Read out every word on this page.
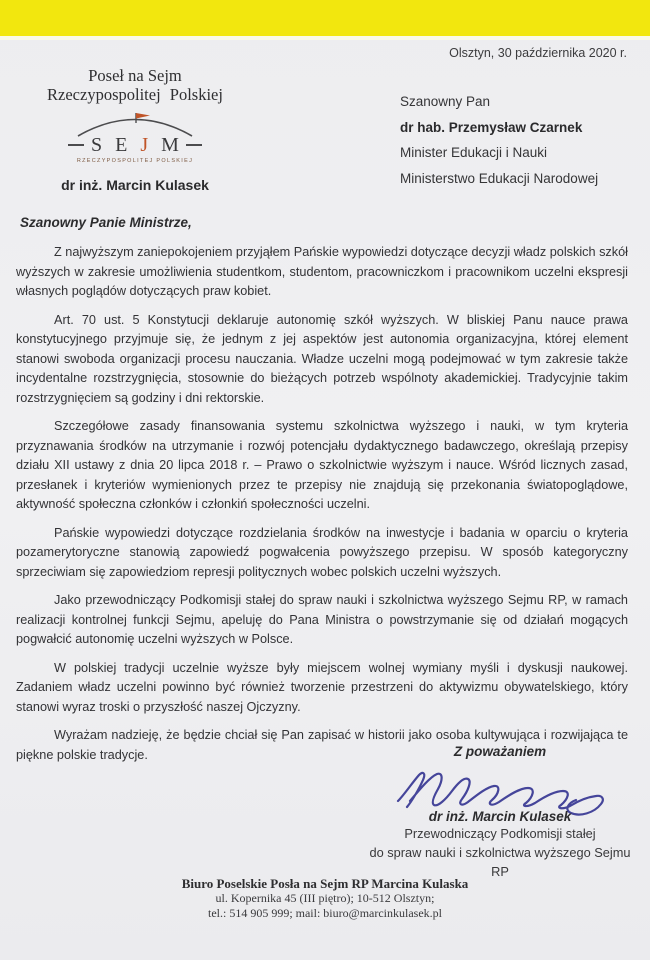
Olsztyn, 30 października 2020 r.
Poseł na Sejm
Rzeczypospolitej Polskiej
S E J M
RZECZYPOSPOLITEJ POLSKIEJ
dr inż. Marcin Kulasek

Szanowny Pan

dr hab. Przemysław Czarnek

Minister Edukacji i Nauki

Ministerstwo Edukacji Narodowej

Szanowny Panie Ministrze,

Z najwyższym zaniepokojeniem przyjąłem Pańskie wypowiedzi dotyczące decyzji władz polskich szkół wyższych w zakresie umożliwienia studentkom, studentom, pracowniczkom i pracownikom uczelni ekspresji własnych poglądów dotyczących praw kobiet.

Art. 70 ust. 5 Konstytucji deklaruje autonomię szkół wyższych. W bliskiej Panu nauce prawa konstytucyjnego przyjmuje się, że jednym z jej aspektów jest autonomia organizacyjna, której element stanowi swoboda organizacji procesu nauczania. Władze uczelni mogą podejmować w tym zakresie także incydentalne rozstrzygnięcia, stosownie do bieżących potrzeb wspólnoty akademickiej. Tradycyjnie takim rozstrzygnięciem są godziny i dni rektorskie.

Szczegółowe zasady finansowania systemu szkolnictwa wyższego i nauki, w tym kryteria przyznawania środków na utrzymanie i rozwój potencjału dydaktycznego badawczego, określają przepisy działu XII ustawy z dnia 20 lipca 2018 r. – Prawo o szkolnictwie wyższym i nauce. Wśród licznych zasad, przesłanek i kryteriów wymienionych przez te przepisy nie znajdują się przekonania światopoglądowe, aktywność społeczna członków i członkiń społeczności uczelni.

Pańskie wypowiedzi dotyczące rozdzielania środków na inwestycje i badania w oparciu o kryteria pozamerytoryczne stanowią zapowiedź pogwałcenia powyższego przepisu. W sposób kategoryczny sprzeciwiam się zapowiedziom represji politycznych wobec polskich uczelni wyższych.

Jako przewodniczący Podkomisji stałej do spraw nauki i szkolnictwa wyższego Sejmu RP, w ramach realizacji kontrolnej funkcji Sejmu, apeluję do Pana Ministra o powstrzymanie się od działań mogących pogwałcić autonomię uczelni wyższych w Polsce.

W polskiej tradycji uczelnie wyższe były miejscem wolnej wymiany myśli i dyskusji naukowej. Zadaniem władz uczelni powinno być również tworzenie przestrzeni do aktywizmu obywatelskiego, który stanowi wyraz troski o przyszłość naszej Ojczyzny.

Wyrażam nadzieję, że będzie chciał się Pan zapisać w historii jako osoba kultywująca i rozwijająca te piękne polskie tradycje.	Z poważaniem
dr inż. Marcin Kulasek
Przewodniczący Podkomisji stałej
do spraw nauki i szkolnictwa wyższego Sejmu RP
Biuro Poselskie Posła na Sejm RP Marcina Kulaska
ul. Kopernika 45 (III piętro); 10-512 Olsztyn;
tel.: 514 905 999; mail: biuro@marcinkulasek.pl
